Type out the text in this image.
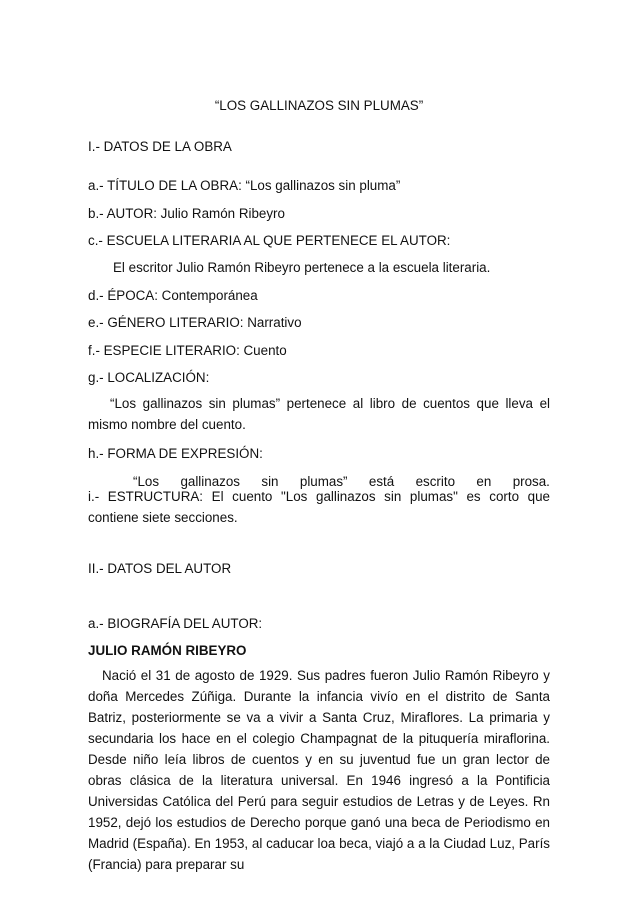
“LOS GALLINAZOS SIN PLUMAS”
I.- DATOS DE LA OBRA
a.- TÍTULO DE LA OBRA: “Los gallinazos sin pluma”
b.- AUTOR: Julio Ramón Ribeyro
c.- ESCUELA LITERARIA AL QUE PERTENECE EL AUTOR:
El escritor Julio Ramón Ribeyro pertenece a la escuela literaria.
d.- ÉPOCA: Contemporánea
e.- GÉNERO LITERARIO: Narrativo
f.- ESPECIE LITERARIO: Cuento
g.- LOCALIZACIÓN:
“Los gallinazos sin plumas” pertenece al libro de cuentos que lleva el mismo nombre del cuento.
h.- FORMA DE EXPRESIÓN:
“Los gallinazos sin plumas” está escrito en prosa.
i.- ESTRUCTURA: El cuento "Los gallinazos sin plumas" es corto que contiene siete secciones.
II.- DATOS DEL AUTOR
a.- BIOGRAFÍA DEL AUTOR:
JULIO RAMÓN RIBEYRO
Nació el 31 de agosto de 1929. Sus padres fueron Julio Ramón Ribeyro y doña Mercedes Zúñiga. Durante la infancia vivío en el distrito de Santa Batriz, posteriormente se va a vivir a Santa Cruz, Miraflores. La primaria y secundaria los hace en el colegio Champagnat de la pituquería miraflorina. Desde niño leía libros de cuentos y en su juventud fue un gran lector de obras clásica de la literatura universal. En 1946 ingresó a la Pontificia Universidas Católica del Perú para seguir estudios de Letras y de Leyes. Rn 1952, dejó los estudios de Derecho porque ganó una beca de Periodismo en Madrid (España). En 1953, al caducar loa beca, viajó a a la Ciudad Luz, París (Francia) para preparar su
